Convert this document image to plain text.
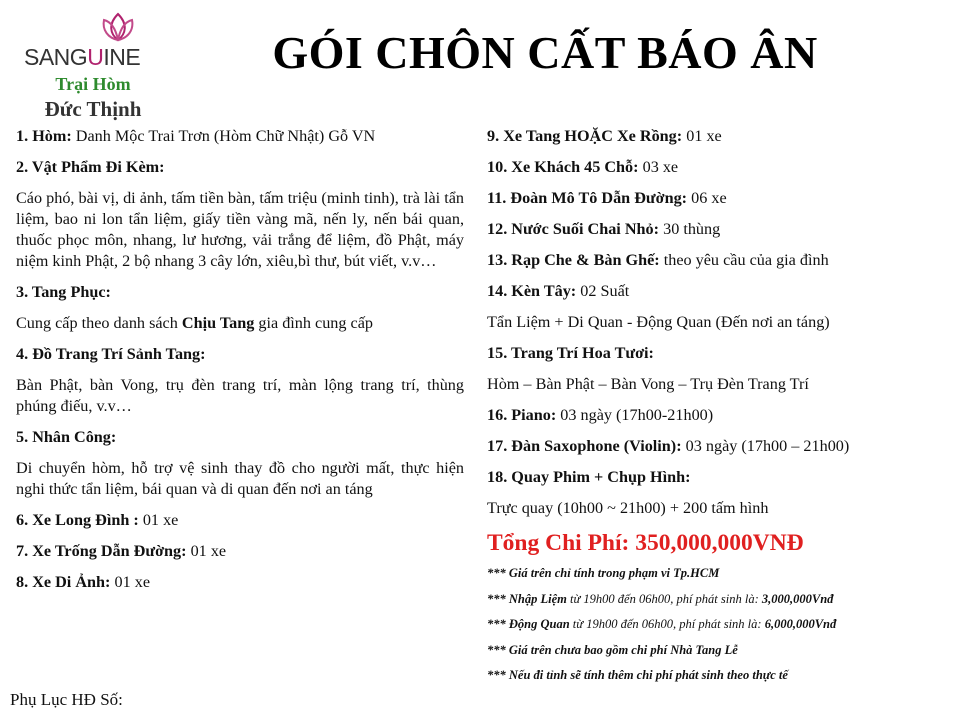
SANGUINE
Trại Hòm
Đức Thịnh
GÓI CHÔN CẤT BÁO ÂN
1. Hòm: Danh Mộc Trai Trơn (Hòm Chữ Nhật) Gỗ VN
2. Vật Phẩm Đi Kèm:
Cáo phó, bài vị, di ảnh, tấm tiền bàn, tấm triệu (minh tinh), trà lài tẩn liệm, bao ni lon tẩn liệm, giấy tiền vàng mã, nến ly, nến bái quan, thuốc phọc môn, nhang, lư hương, vải trắng để liệm, đồ Phật, máy niệm kinh Phật, 2 bộ nhang 3 cây lớn, xiêu,bì thư, bút viết, v.v…
3. Tang Phục:
Cung cấp theo danh sách Chịu Tang gia đình cung cấp
4. Đồ Trang Trí Sảnh Tang:
Bàn Phật, bàn Vong, trụ đèn trang trí, màn lộng trang trí, thùng phúng điếu, v.v…
5. Nhân Công:
Di chuyển hòm, hỗ trợ vệ sinh thay đồ cho người mất, thực hiện nghi thức tẩn liệm, bái quan và di quan đến nơi an táng
6. Xe Long Đình : 01 xe
7. Xe Trống Dẫn Đường: 01 xe
8. Xe Di Ảnh: 01 xe
9. Xe Tang HOẶC Xe Rồng: 01 xe
10. Xe Khách 45 Chỗ: 03 xe
11. Đoàn Mô Tô Dẫn Đường: 06 xe
12. Nước Suối Chai Nhỏ: 30 thùng
13. Rạp Che & Bàn Ghế: theo yêu cầu của gia đình
14. Kèn Tây: 02 Suất
Tẩn Liệm + Di Quan - Động Quan (Đến nơi an táng)
15. Trang Trí Hoa Tươi:
Hòm – Bàn Phật – Bàn Vong – Trụ Đèn Trang Trí
16. Piano: 03 ngày (17h00-21h00)
17. Đàn Saxophone (Violin): 03 ngày (17h00 – 21h00)
18. Quay Phim + Chụp Hình:
Trực quay (10h00 ~ 21h00) + 200 tấm hình
Tổng Chi Phí: 350,000,000VNĐ
*** Giá trên chỉ tính trong phạm vi Tp.HCM
*** Nhập Liệm từ 19h00 đến 06h00, phí phát sinh là: 3,000,000Vnđ
*** Động Quan từ 19h00 đến 06h00, phí phát sinh là: 6,000,000Vnđ
*** Giá trên chưa bao gồm chi phí Nhà Tang Lễ
*** Nếu đi tỉnh sẽ tính thêm chi phí phát sinh theo thực tế
Phụ Lục HĐ Số:
